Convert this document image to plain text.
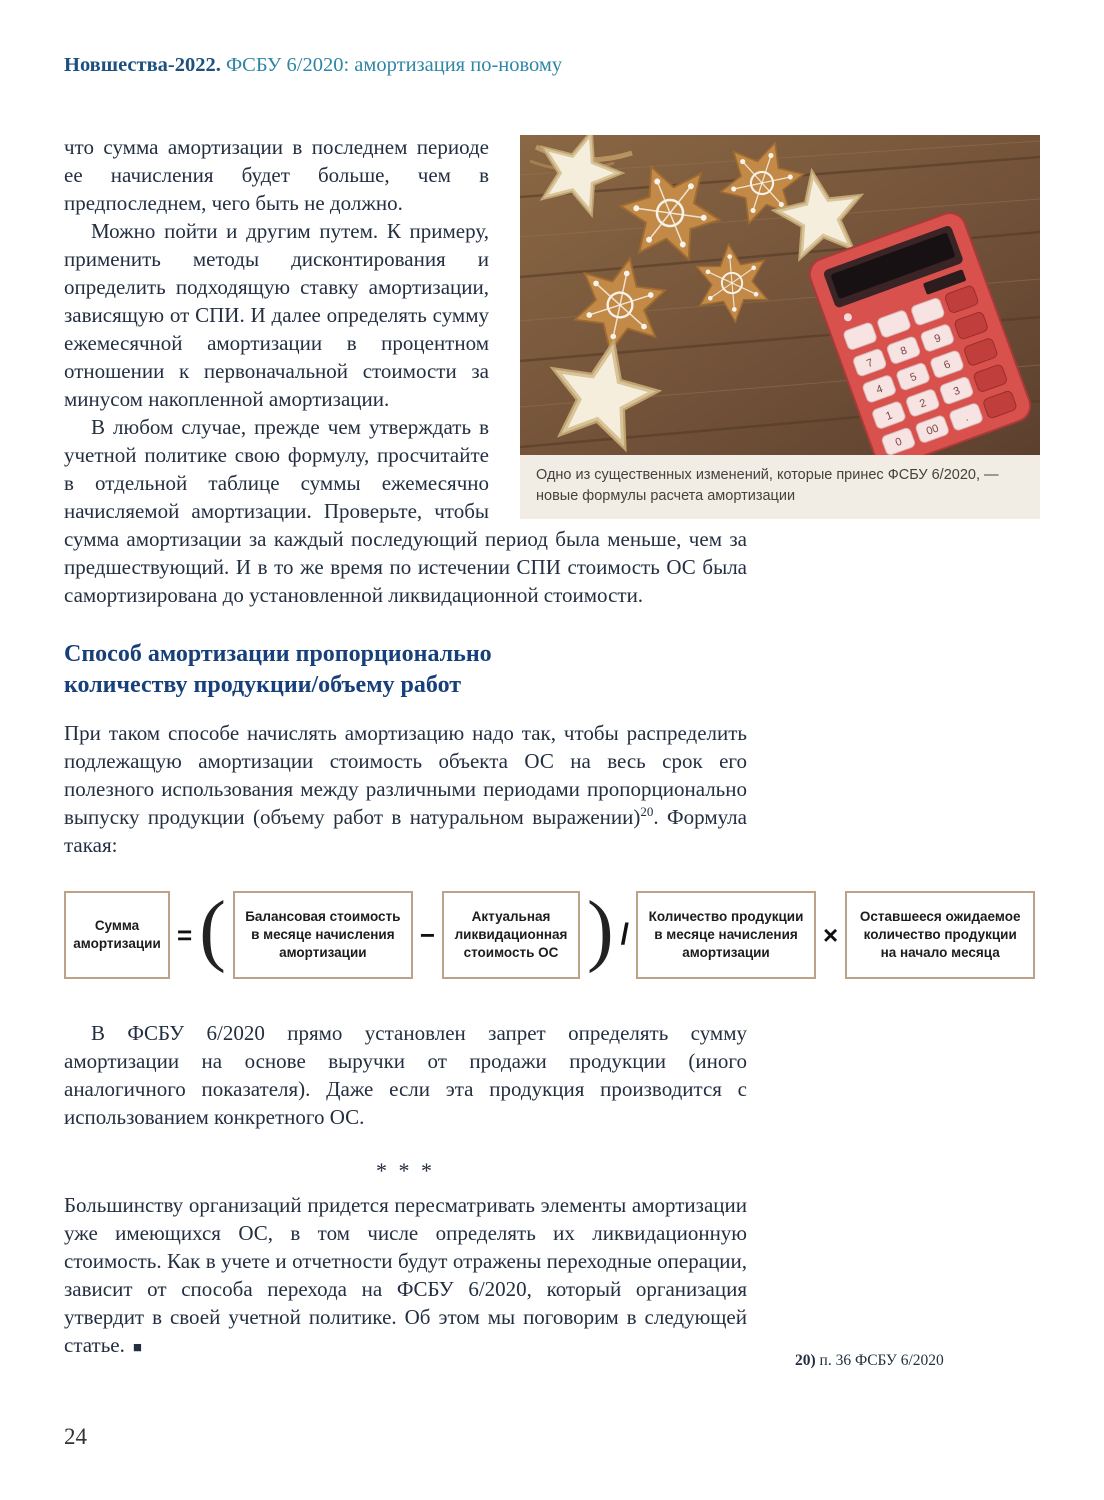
Новшества-2022. ФСБУ 6/2020: амортизация по-новому
7
8
9
4
5
6
1
2
3
0
00
.
Одно из существенных изменений, которые принес ФСБУ 6/2020, — новые формулы расчета амортизации

что сумма амортизации в последнем периоде ее начисления будет больше, чем в предпоследнем, чего быть не должно.

Можно пойти и другим путем. К примеру, применить методы дисконтирования и определить подходящую ставку амортизации, зависящую от СПИ. И далее определять сумму ежемесячной амортизации в процентном отношении к первоначальной стоимости за минусом накопленной амортизации.

В любом случае, прежде чем утверждать в учетной политике свою формулу, просчитайте в отдельной таблице суммы ежемесячно начисляемой амортизации. Проверьте, чтобы сумма амортизации за каждый последующий период была меньше, чем за предшествующий. И в то же время по истечении СПИ стоимость ОС была самортизирована до установленной ликвидационной стоимости.

Способ амортизации пропорционально количеству продукции/объему работ

При таком способе начислять амортизацию надо так, чтобы распределить подлежащую амортизации стоимость объекта ОС на весь срок его полезного использования между различными периодами пропорционально выпуску продукции (объему работ в натуральном выражении)$^{20}$. Формула такая:

Сумма амортизации = (	Балансовая стоимость в месяце начисления амортизации
−
Актуальная ликвидационная стоимость ОС ) /
Количество продукции в месяце начисления амортизации
×
Оставшееся ожидаемое количество продукции на начало месяца

В ФСБУ 6/2020 прямо установлен запрет определять сумму амортизации на основе выручки от продажи продукции (иного аналогичного показателя). Даже если эта продукция производится с использованием конкретного ОС.

* * *

Большинству организаций придется пересматривать элементы амортизации уже имеющихся ОС, в том числе определять их ликвидационную стоимость. Как в учете и отчетности будут отражены переходные операции, зависит от способа перехода на ФСБУ 6/2020, который организация утвердит в своей учетной политике. Об этом мы поговорим в следующей статье. ■

20) п. 36 ФСБУ 6/2020
24
